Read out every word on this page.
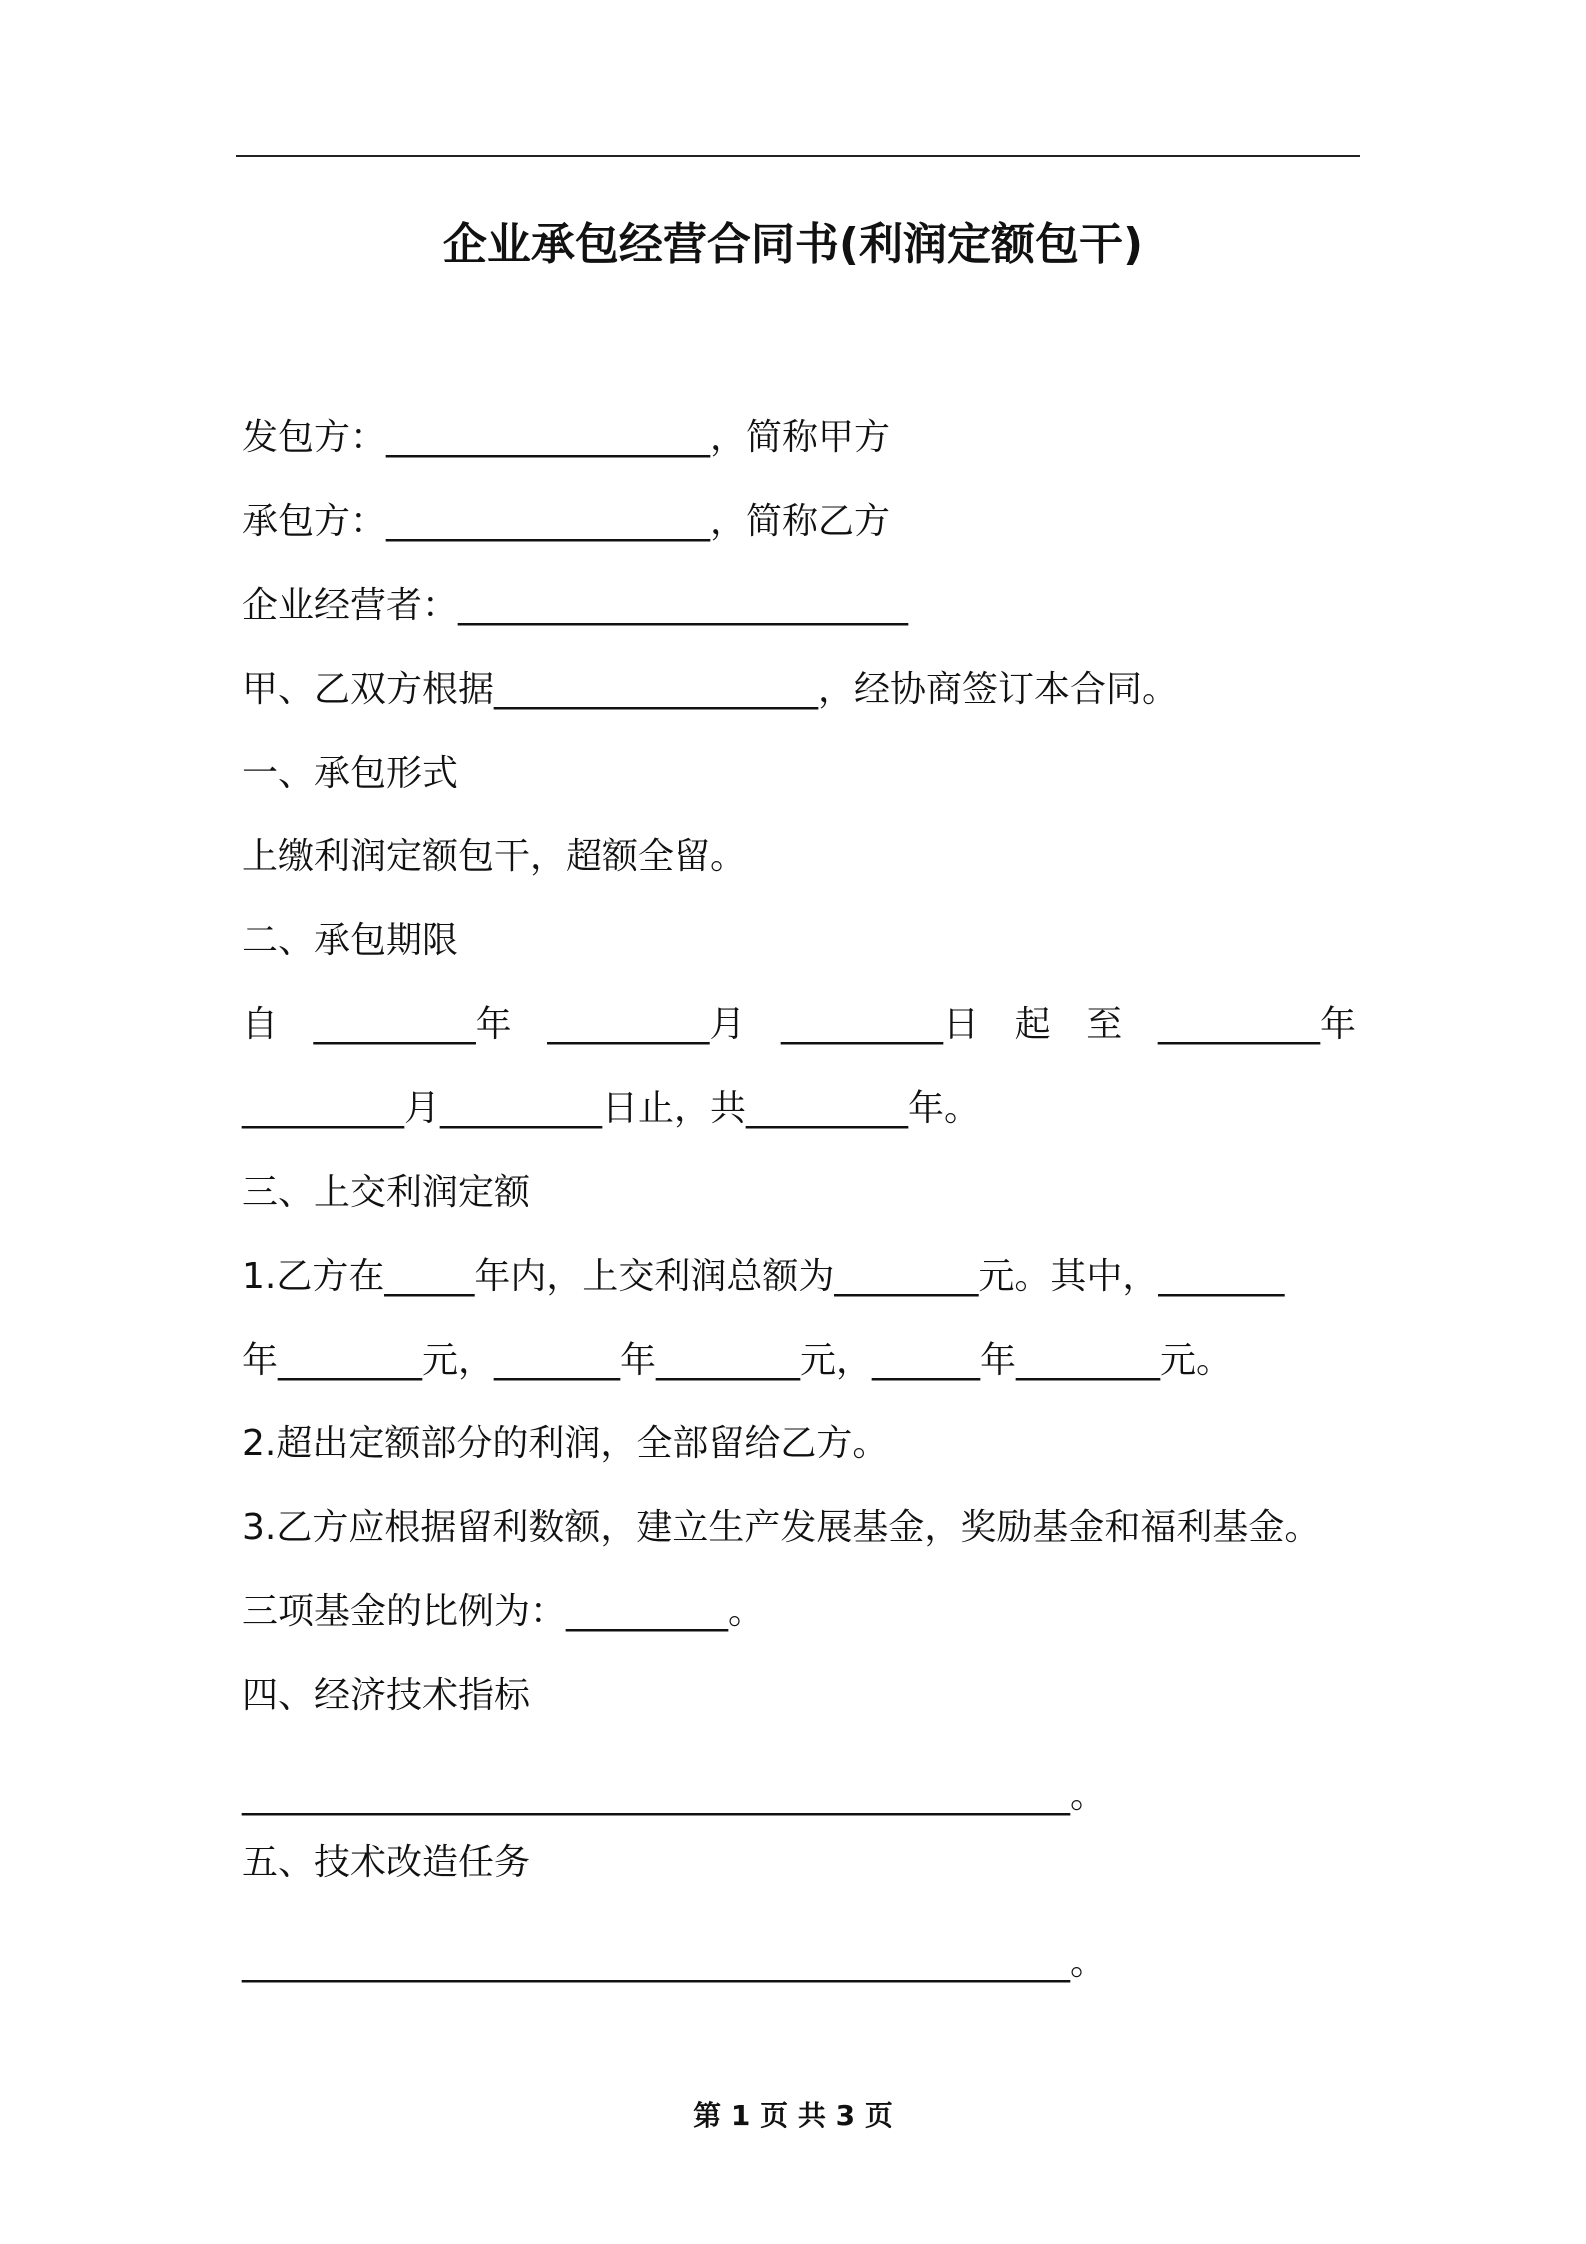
企业承包经营合同书(利润定额包干)
发包方：__________________，简称甲方
承包方：__________________，简称乙方
企业经营者：_________________________
甲、乙双方根据__________________，经协商签订本合同。
一、承包形式
上缴利润定额包干，超额全留。
二、承包期限
自 _________年 _________月 _________日 起 至 _________年
_________月_________日止，共_________年。
三、上交利润定额
1.乙方在_____年内，上交利润总额为________元。其中，_______
年________元，_______年________元，______年________元。
2.超出定额部分的利润，全部留给乙方。
3.乙方应根据留利数额，建立生产发展基金，奖励基金和福利基金。
三项基金的比例为：_________。
四、经济技术指标
______________________________________________。
五、技术改造任务
______________________________________________。
第 1 页 共 3 页
